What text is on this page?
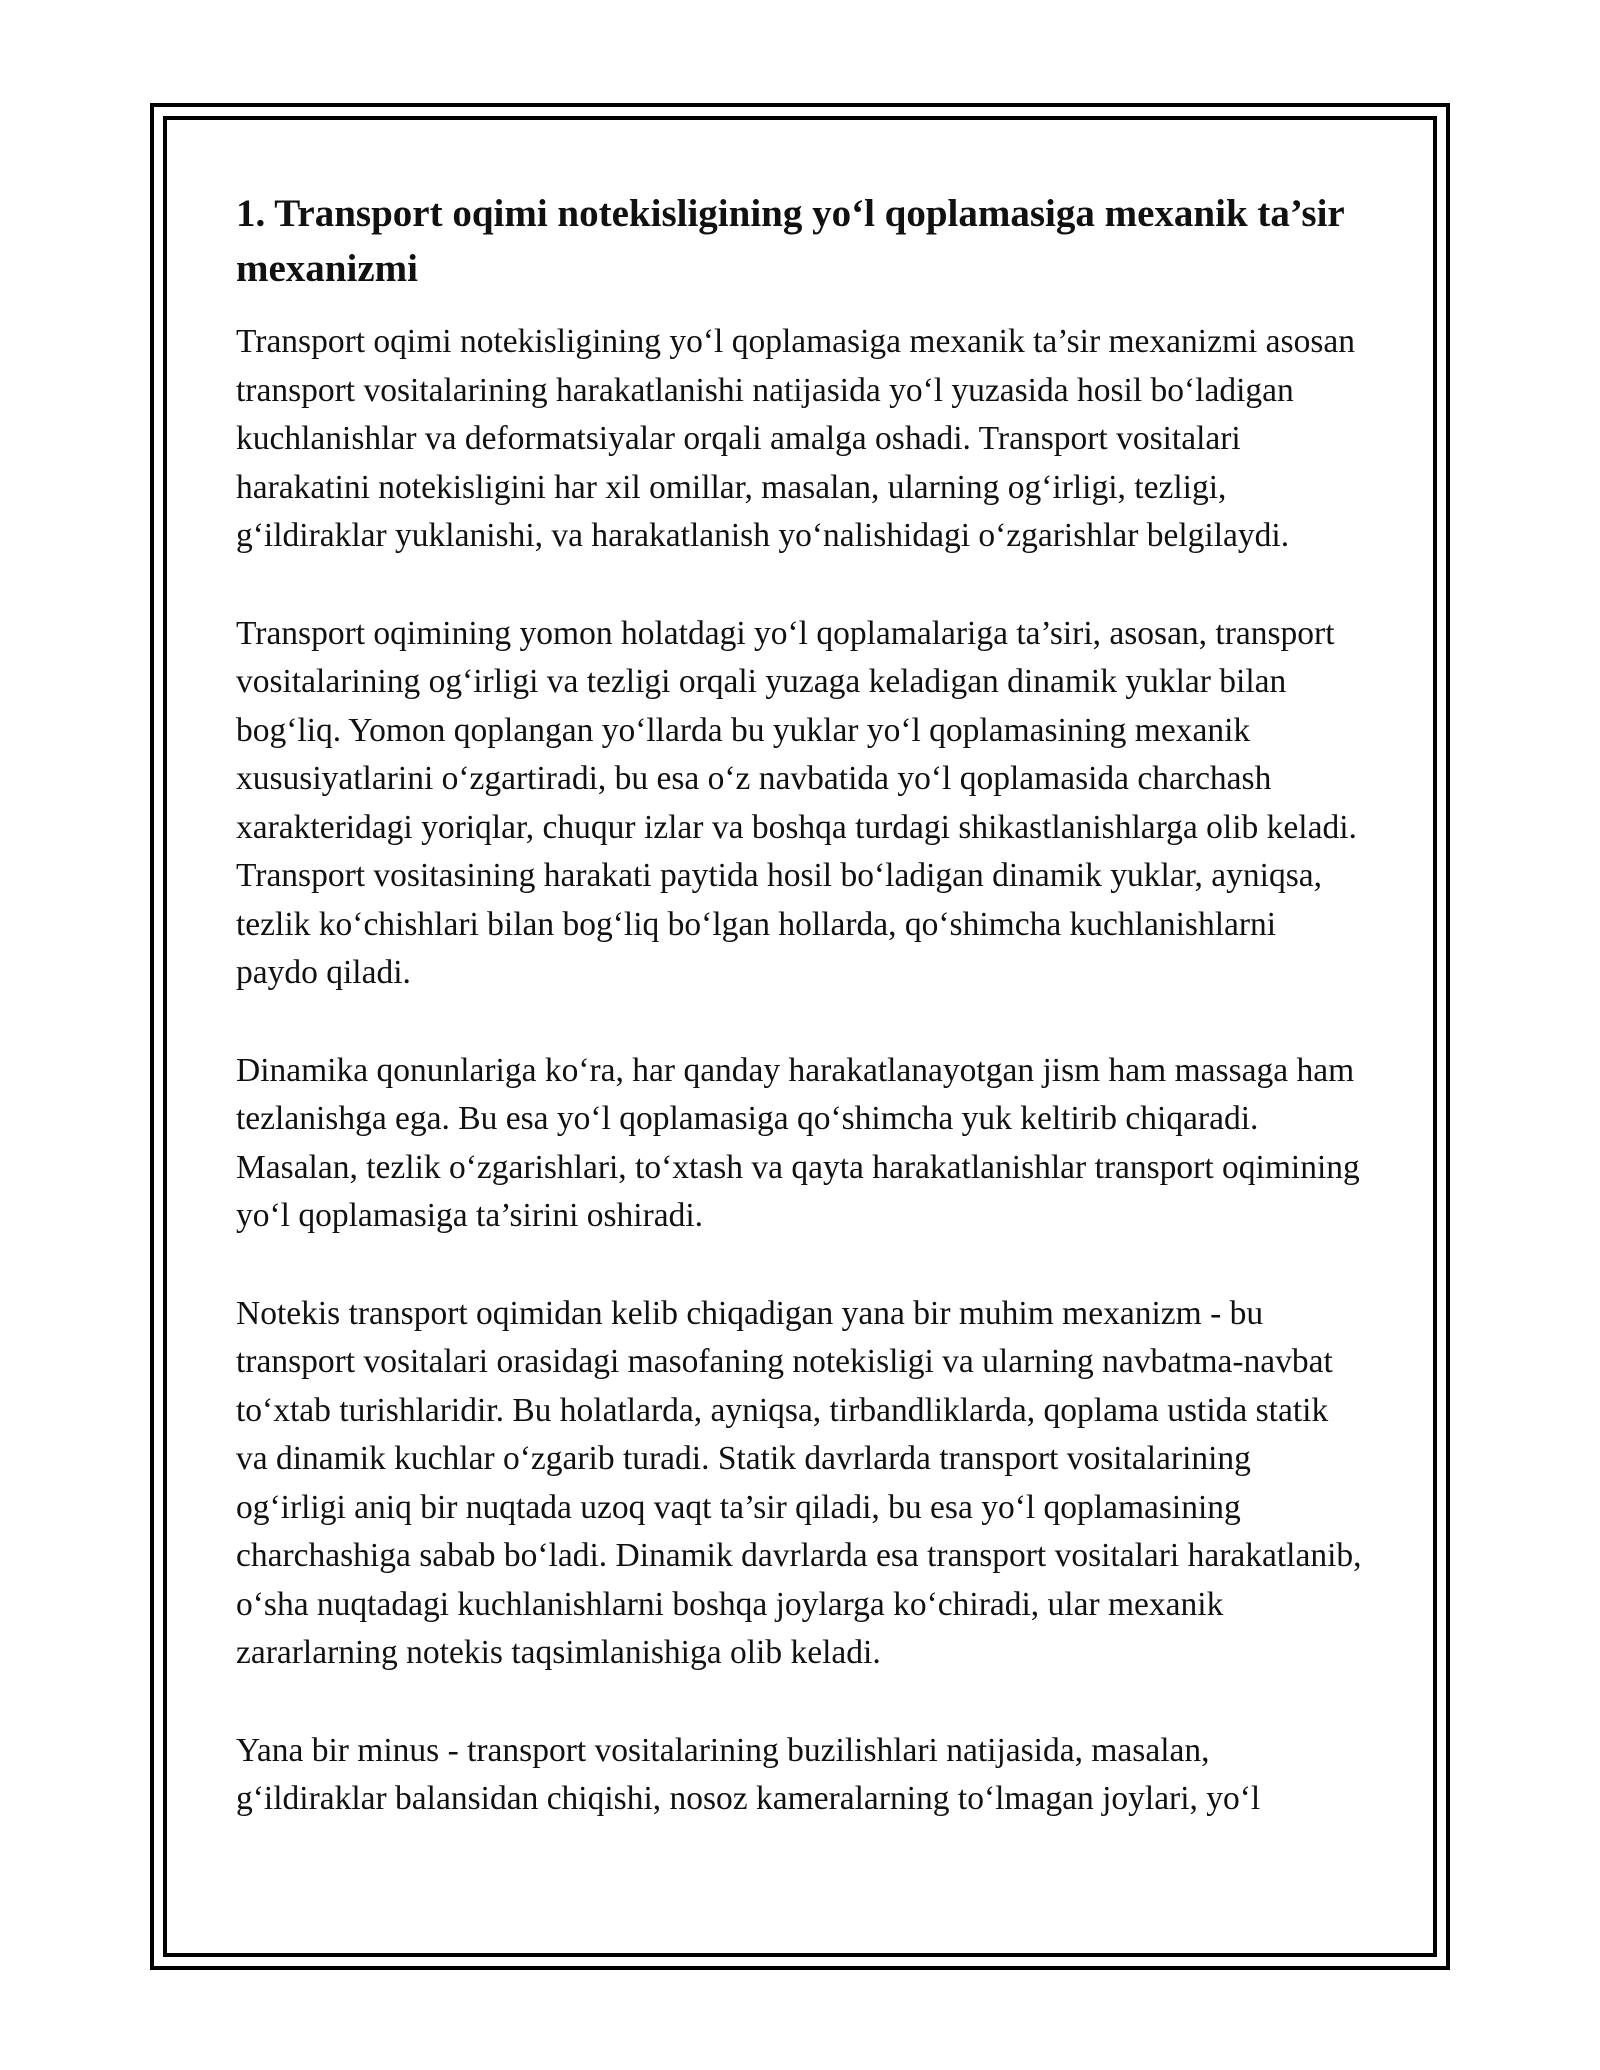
1. Transport oqimi notekisligining yo‘l qoplamasiga mexanik ta’sir mexanizmi

Transport oqimi notekisligining yo‘l qoplamasiga mexanik ta’sir mexanizmi asosan transport vositalarining harakatlanishi natijasida yo‘l yuzasida hosil bo‘ladigan kuchlanishlar va deformatsiyalar orqali amalga oshadi. Transport vositalari harakatini notekisligini har xil omillar, masalan, ularning og‘irligi, tezligi, g‘ildiraklar yuklanishi, va harakatlanish yo‘nalishidagi o‘zgarishlar belgilaydi.

Transport oqimining yomon holatdagi yo‘l qoplamalariga ta’siri, asosan, transport vositalarining og‘irligi va tezligi orqali yuzaga keladigan dinamik yuklar bilan bog‘liq. Yomon qoplangan yo‘llarda bu yuklar yo‘l qoplamasining mexanik xususiyatlarini o‘zgartiradi, bu esa o‘z navbatida yo‘l qoplamasida charchash xarakteridagi yoriqlar, chuqur izlar va boshqa turdagi shikastlanishlarga olib keladi. Transport vositasining harakati paytida hosil bo‘ladigan dinamik yuklar, ayniqsa, tezlik ko‘chishlari bilan bog‘liq bo‘lgan hollarda, qo‘shimcha kuchlanishlarni paydo qiladi.

Dinamika qonunlariga ko‘ra, har qanday harakatlanayotgan jism ham massaga ham tezlanishga ega. Bu esa yo‘l qoplamasiga qo‘shimcha yuk keltirib chiqaradi. Masalan, tezlik o‘zgarishlari, to‘xtash va qayta harakatlanishlar transport oqimining yo‘l qoplamasiga ta’sirini oshiradi.

Notekis transport oqimidan kelib chiqadigan yana bir muhim mexanizm - bu transport vositalari orasidagi masofaning notekisligi va ularning navbatma-navbat to‘xtab turishlaridir. Bu holatlarda, ayniqsa, tirbandliklarda, qoplama ustida statik va dinamik kuchlar o‘zgarib turadi. Statik davrlarda transport vositalarining og‘irligi aniq bir nuqtada uzoq vaqt ta’sir qiladi, bu esa yo‘l qoplamasining charchashiga sabab bo‘ladi. Dinamik davrlarda esa transport vositalari harakatlanib, o‘sha nuqtadagi kuchlanishlarni boshqa joylarga ko‘chiradi, ular mexanik zararlarning notekis taqsimlanishiga olib keladi.

Yana bir minus - transport vositalarining buzilishlari natijasida, masalan, g‘ildiraklar balansidan chiqishi, nosoz kameralarning to‘lmagan joylari, yo‘l
